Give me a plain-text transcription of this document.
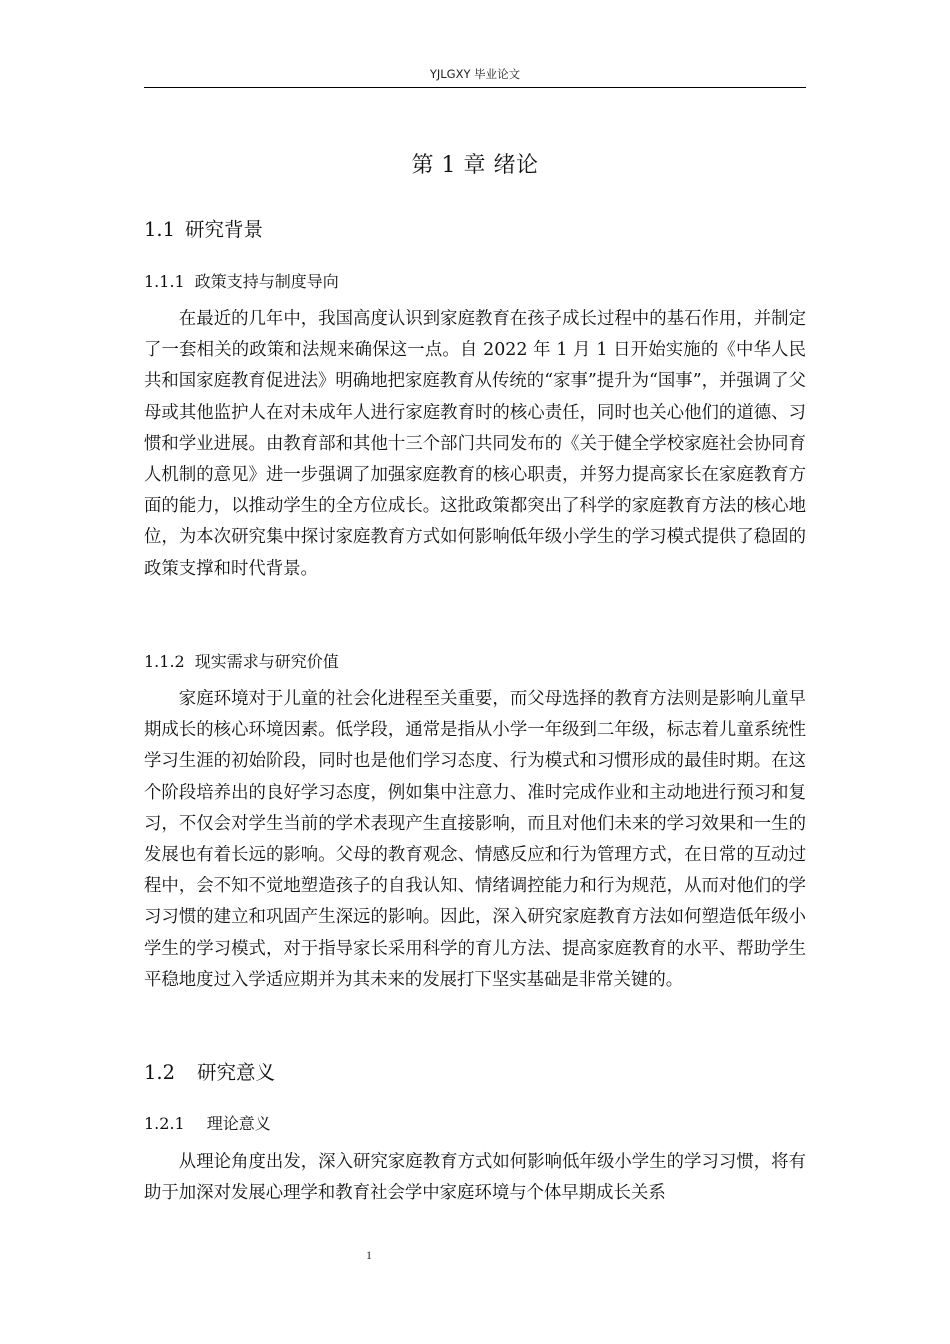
YJLGXY 毕业论文
第 1 章 绪论
1.1 研究背景
1.1.1 政策支持与制度导向
在最近的几年中，我国高度认识到家庭教育在孩子成长过程中的基石作用，并制定了一套相关的政策和法规来确保这一点。自 2022 年 1 月 1 日开始实施的《中华人民共和国家庭教育促进法》明确地把家庭教育从传统的“家事”提升为“国事”，并强调了父母或其他监护人在对未成年人进行家庭教育时的核心责任，同时也关心他们的道德、习惯和学业进展。由教育部和其他十三个部门共同发布的《关于健全学校家庭社会协同育人机制的意见》进一步强调了加强家庭教育的核心职责，并努力提高家长在家庭教育方面的能力，以推动学生的全方位成长。这批政策都突出了科学的家庭教育方法的核心地位，为本次研究集中探讨家庭教育方式如何影响低年级小学生的学习模式提供了稳固的政策支撑和时代背景。
1.1.2 现实需求与研究价值
家庭环境对于儿童的社会化进程至关重要，而父母选择的教育方法则是影响儿童早期成长的核心环境因素。低学段，通常是指从小学一年级到二年级，标志着儿童系统性学习生涯的初始阶段，同时也是他们学习态度、行为模式和习惯形成的最佳时期。在这个阶段培养出的良好学习态度，例如集中注意力、准时完成作业和主动地进行预习和复习，不仅会对学生当前的学术表现产生直接影响，而且对他们未来的学习效果和一生的发展也有着长远的影响。父母的教育观念、情感反应和行为管理方式，在日常的互动过程中，会不知不觉地塑造孩子的自我认知、情绪调控能力和行为规范，从而对他们的学习习惯的建立和巩固产生深远的影响。因此，深入研究家庭教育方法如何塑造低年级小学生的学习模式，对于指导家长采用科学的育儿方法、提高家庭教育的水平、帮助学生平稳地度过入学适应期并为其未来的发展打下坚实基础是非常关键的。
1.2 研究意义
1.2.1 理论意义
从理论角度出发，深入研究家庭教育方式如何影响低年级小学生的学习习惯，将有助于加深对发展心理学和教育社会学中家庭环境与个体早期成长关系
1
